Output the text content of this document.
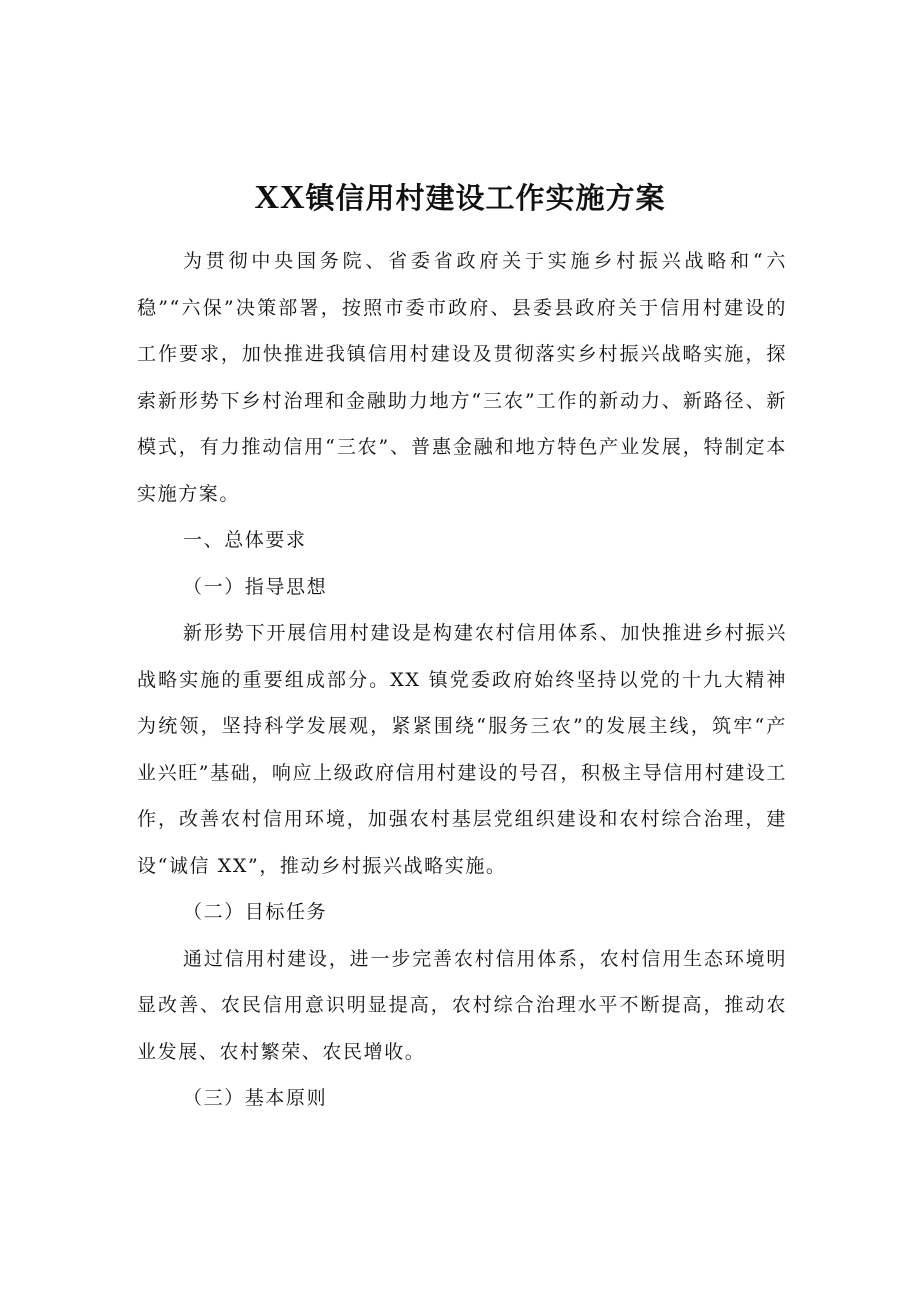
XX镇信用村建设工作实施方案

为贯彻中央国务院、省委省政府关于实施乡村振兴战略和“六稳”“六保”决策部署，按照市委市政府、县委县政府关于信用村建设的工作要求，加快推进我镇信用村建设及贯彻落实乡村振兴战略实施，探索新形势下乡村治理和金融助力地方“三农”工作的新动力、新路径、新模式，有力推动信用“三农”、普惠金融和地方特色产业发展，特制定本实施方案。

一、总体要求

（一）指导思想

新形势下开展信用村建设是构建农村信用体系、加快推进乡村振兴战略实施的重要组成部分。XX 镇党委政府始终坚持以党的十九大精神为统领，坚持科学发展观，紧紧围绕“服务三农”的发展主线，筑牢“产业兴旺”基础，响应上级政府信用村建设的号召，积极主导信用村建设工作，改善农村信用环境，加强农村基层党组织建设和农村综合治理，建设“诚信 XX”，推动乡村振兴战略实施。

（二）目标任务

通过信用村建设，进一步完善农村信用体系，农村信用生态环境明显改善、农民信用意识明显提高，农村综合治理水平不断提高，推动农业发展、农村繁荣、农民增收。

（三）基本原则
